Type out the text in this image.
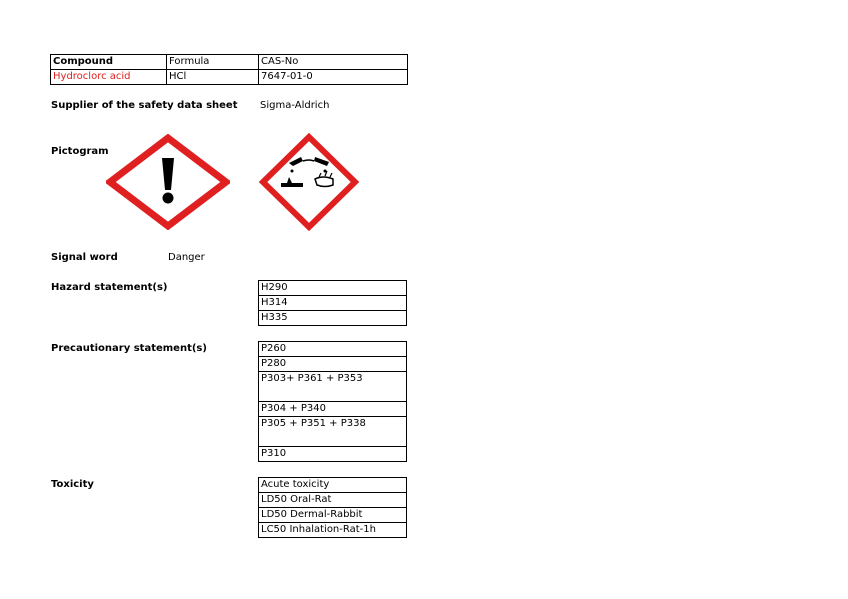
Compound	Formula	CAS-No
Hydroclorc acid	HCl	7647-01-0
Supplier of the safety data sheet Sigma-Aldrich
Pictogram
Signal word	Danger
Hazard statement(s)	H290
H314
H335
Precautionary statement(s)	P260
P280
P303+ P361 + P353
P304 + P340
P305 + P351 + P338
P310
Toxicity	Acute toxicity
LD50 Oral-Rat
LD50 Dermal-Rabbit
LC50 Inhalation-Rat-1h
